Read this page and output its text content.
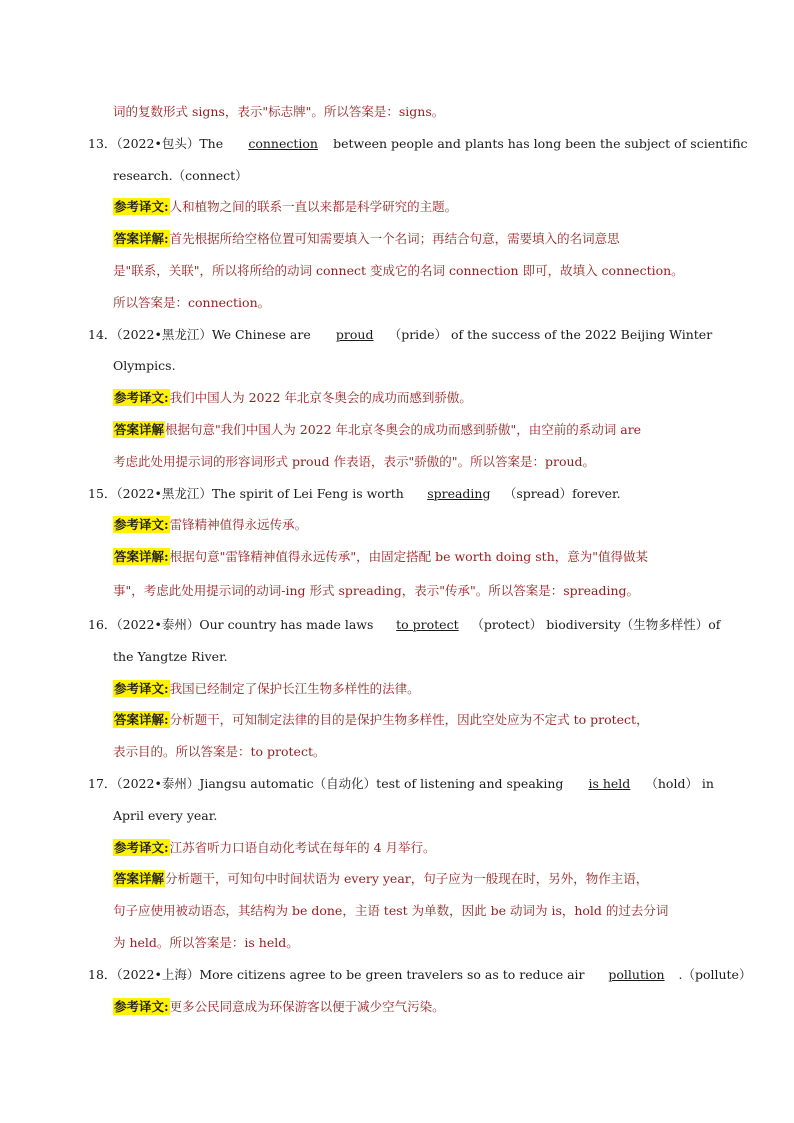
词的复数形式 signs，表示"标志牌"。所以答案是：signs。
13．（2022•包头）The connection between people and plants has long been the subject of scientific
research.（connect）
参考译文:人和植物之间的联系一直以来都是科学研究的主题。
答案详解:首先根据所给空格位置可知需要填入一个名词；再结合句意，需要填入的名词意思
是"联系，关联"，所以将所给的动词 connect 变成它的名词 connection 即可，故填入 connection。
所以答案是：connection。
14．（2022•黑龙江）We Chinese are proud （pride） of the success of the 2022 Beijing Winter
Olympics.
参考译文:我们中国人为 2022 年北京冬奥会的成功而感到骄傲。
答案详解根据句意"我们中国人为 2022 年北京冬奥会的成功而感到骄傲"，由空前的系动词 are
考虑此处用提示词的形容词形式 proud 作表语，表示"骄傲的"。所以答案是：proud。
15．（2022•黑龙江）The spirit of Lei Feng is worth spreading （spread）forever.
参考译文:雷锋精神值得永远传承。
答案详解:根据句意"雷锋精神值得永远传承"，由固定搭配 be worth doing sth，意为"值得做某
事"，考虑此处用提示词的动词-ing 形式 spreading，表示"传承"。所以答案是：spreading。
16．（2022•泰州）Our country has made laws to protect （protect） biodiversity（生物多样性）of
the Yangtze River.
参考译文:我国已经制定了保护长江生物多样性的法律。
答案详解:分析题干，可知制定法律的目的是保护生物多样性，因此空处应为不定式 to protect，
表示目的。所以答案是：to protect。
17．（2022•泰州）Jiangsu automatic（自动化）test of listening and speaking is held （hold） in
April every year.
参考译文:江苏省听力口语自动化考试在每年的 4 月举行。
答案详解分析题干，可知句中时间状语为 every year，句子应为一般现在时，另外，物作主语，
句子应使用被动语态，其结构为 be done，主语 test 为单数，因此 be 动词为 is，hold 的过去分词
为 held。所以答案是：is held。
18．（2022•上海）More citizens agree to be green travelers so as to reduce air pollution .（pollute）
参考译文:更多公民同意成为环保游客以便于减少空气污染。
